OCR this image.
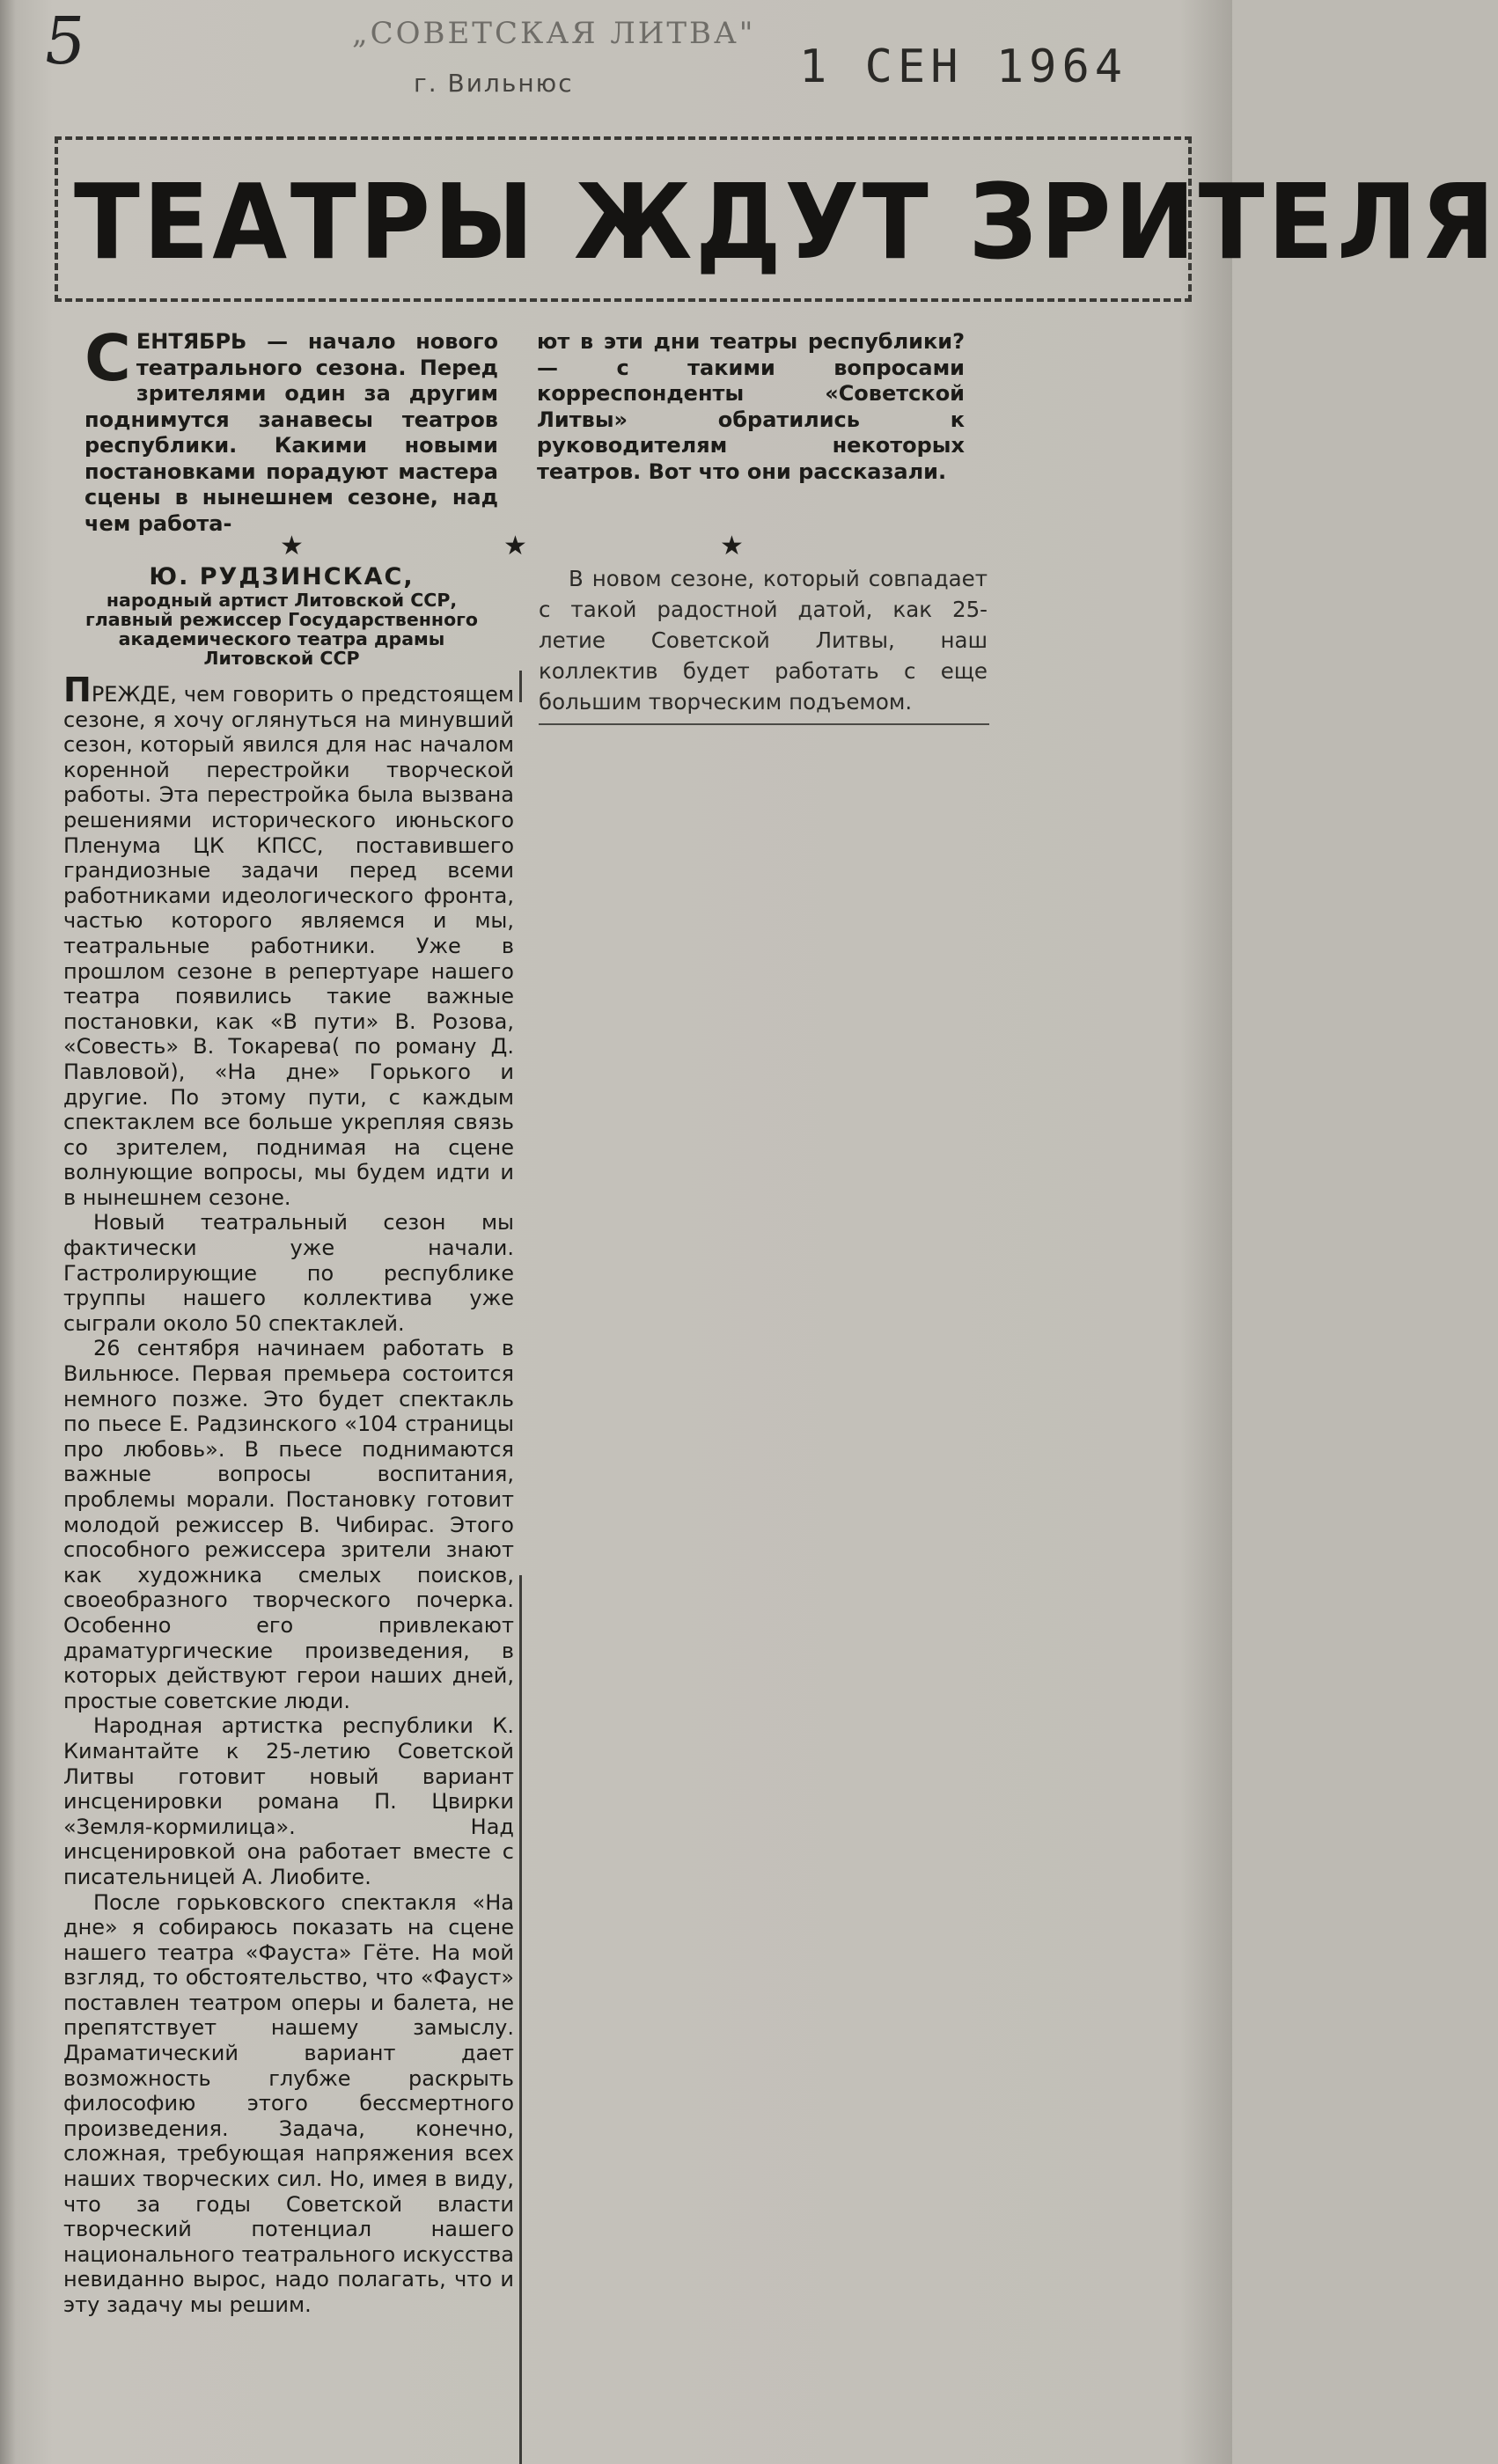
5	„СОВЕТСКАЯ ЛИТВА"
г. Вильнюс	1 СЕН 1964
ТЕАТРЫ ЖДУТ ЗРИТЕЛЯ
СЕНТЯБРЬ — начало нового театрального сезона. Перед зрителями один за другим поднимутся занавесы театров республики. Какими новыми постановками порадуют мастера сцены в нынешнем сезоне, над чем работа-
ют в эти дни театры республики? — с такими вопросами корреспонденты «Советской Литвы» обратились к руководителям некоторых театров. Вот что они рассказали.
★	★	★
Ю. РУДЗИНСКАС,
народный артист Литовской ССР, главный режиссер Государственного академического театра драмы Литовской ССР

ПРЕЖДЕ, чем говорить о предстоящем сезоне, я хочу оглянуться на минувший сезон, который явился для нас началом коренной перестройки творческой работы. Эта перестройка была вызвана решениями исторического июньского Пленума ЦК КПСС, поставившего грандиозные задачи перед всеми работниками идеологического фронта, частью которого являемся и мы, театральные работники. Уже в прошлом сезоне в репертуаре нашего театра появились такие важные постановки, как «В пути» В. Розова, «Совесть» В. Токарева( по роману Д. Павловой), «На дне» Горького и другие. По этому пути, с каждым спектаклем все больше укрепляя связь со зрителем, поднимая на сцене волнующие вопросы, мы будем идти и в нынешнем сезоне.

Новый театральный сезон мы фактически уже начали. Гастролирующие по республике труппы нашего коллектива уже сыграли около 50 спектаклей.

26 сентября начинаем работать в Вильнюсе. Первая премьера состоится немного позже. Это будет спектакль по пьесе Е. Радзинского «104 страницы про любовь». В пьесе поднимаются важные вопросы воспитания, проблемы морали. Постановку готовит молодой режиссер В. Чибирас. Этого способного режиссера зрители знают как художника смелых поисков, своеобразного творческого почерка. Особенно его привлекают драматургические произведения, в которых действуют герои наших дней, простые советские люди.

Народная артистка республики К. Кимантайте к 25-летию Советской Литвы готовит новый вариант инсценировки романа П. Цвирки «Земля-кормилица». Над инсценировкой она работает вместе с писательницей А. Лиобите.

После горьковского спектакля «На дне» я собираюсь показать на сцене нашего театра «Фауста» Гёте. На мой взгляд, то обстоятельство, что «Фауст» поставлен театром оперы и балета, не препятствует нашему замыслу. Драматический вариант дает возможность глубже раскрыть философию этого бессмертного произведения. Задача, конечно, сложная, требующая напряжения всех наших творческих сил. Но, имея в виду, что за годы Советской власти творческий потенциал нашего национального театрального искусства невиданно вырос, надо полагать, что и эту задачу мы решим.

В новом сезоне, который совпадает с такой радостной датой, как 25-летие Советской Литвы, наш коллектив будет работать с еще большим творческим подъемом.
